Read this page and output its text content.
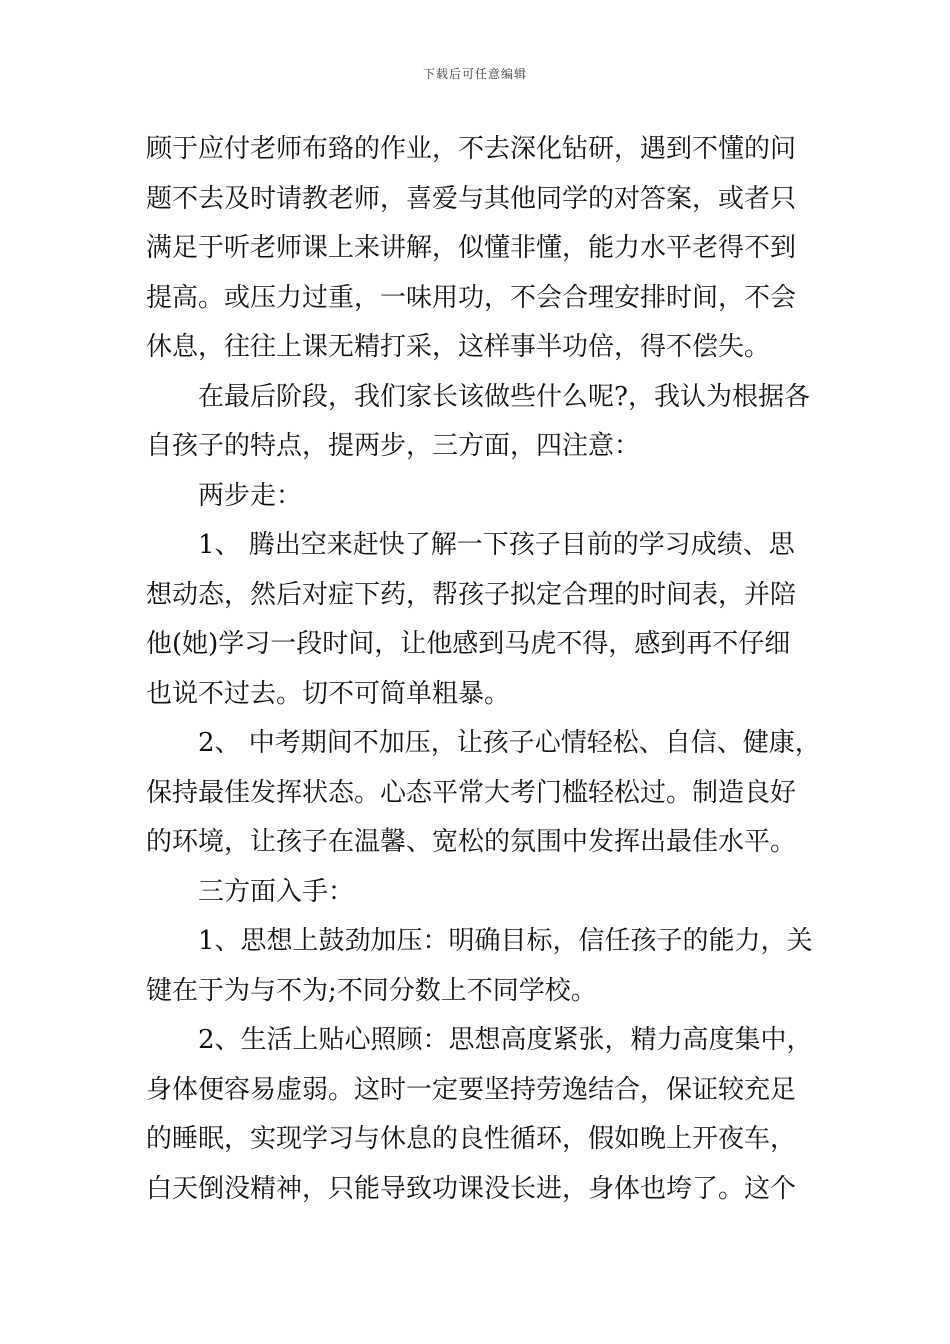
下载后可任意编辑

顾于应付老师布臵的作业，不去深化钻研，遇到不懂的问
题不去及时请教老师，喜爱与其他同学的对答案，或者只
满足于听老师课上来讲解，似懂非懂，能力水平老得不到
提高。或压力过重，一味用功，不会合理安排时间，不会
休息，往往上课无精打采，这样事半功倍，得不偿失。

在最后阶段，我们家长该做些什么呢?，我认为根据各
自孩子的特点，提两步，三方面，四注意：

两步走：

1、 腾出空来赶快了解一下孩子目前的学习成绩、思
想动态，然后对症下药，帮孩子拟定合理的时间表，并陪
他(她)学习一段时间，让他感到马虎不得，感到再不仔细
也说不过去。切不可简单粗暴。

2、 中考期间不加压，让孩子心情轻松、自信、健康，
保持最佳发挥状态。心态平常大考门槛轻松过。制造良好
的环境，让孩子在温馨、宽松的氛围中发挥出最佳水平。

三方面入手：

1、思想上鼓劲加压：明确目标，信任孩子的能力，关
键在于为与不为;不同分数上不同学校。

2、生活上贴心照顾：思想高度紧张，精力高度集中，
身体便容易虚弱。这时一定要坚持劳逸结合，保证较充足
的睡眠，实现学习与休息的良性循环，假如晚上开夜车，
白天倒没精神，只能导致功课没长进，身体也垮了。这个
